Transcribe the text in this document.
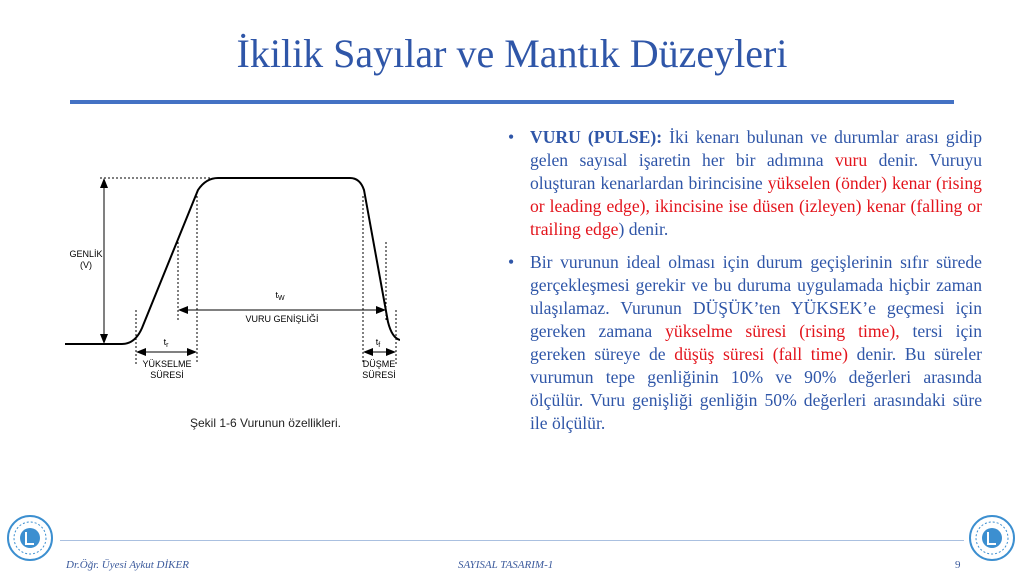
İkilik Sayılar ve Mantık Düzeyleri
GENLİK
(V)
$t_W$
VURU GENİŞLİĞİ
$t_r$
YÜKSELME
SÜRESİ
$t_f$
DÜŞME
SÜRESİ
Şekil 1-6 Vurunun özellikleri.
• VURU (PULSE): İki kenarı bulunan ve durumlar arası gidip gelen sayısal işaretin her bir adımına vuru denir. Vuruyu oluşturan kenarlardan birincisine yükselen (önder) kenar (rising or leading edge), ikincisine ise düsen (izleyen) kenar (falling or trailing edge) denir.
• Bir vurunun ideal olması için durum geçişlerinin sıfır sürede gerçekleşmesi gerekir ve bu duruma uygulamada hiçbir zaman ulaşılamaz. Vurunun DÜŞÜK’ten YÜKSEK’e geçmesi için gereken zamana yükselme süresi (rising time), tersi için gereken süreye de düşüş süresi (fall time) denir. Bu süreler vurumun tepe genliğinin 10% ve 90% değerleri arasında ölçülür. Vuru genişliği genliğin 50% değerleri arasındaki süre ile ölçülür.
Dr.Öğr. Üyesi Aykut DİKER	SAYISAL TASARIM-1	9
